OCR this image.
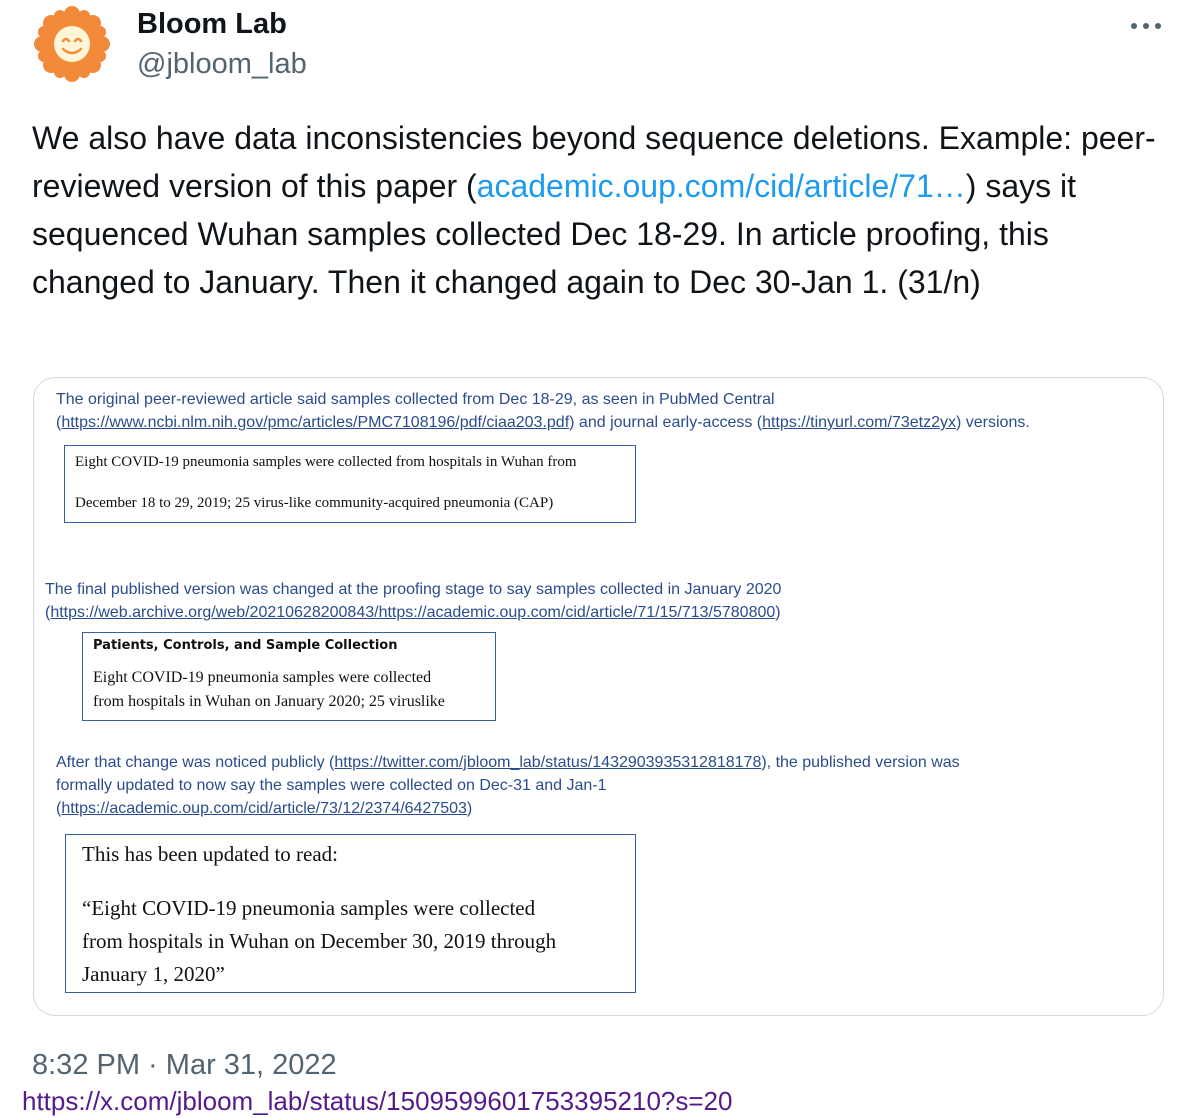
Bloom Lab
@jbloom_lab

We also have data inconsistencies beyond sequence deletions. Example: peer-reviewed version of this paper (academic.oup.com/cid/article/71…) says it sequenced Wuhan samples collected Dec 18-29. In article proofing, this changed to January. Then it changed again to Dec 30-Jan 1. (31/n)

The original peer-reviewed article said samples collected from Dec 18-29, as seen in PubMed Central
(https://www.ncbi.nlm.nih.gov/pmc/articles/PMC7108196/pdf/ciaa203.pdf) and journal early-access (https://tinyurl.com/73etz2yx) versions.
Eight COVID-19 pneumonia samples were collected from hospitals in Wuhan from
December 18 to 29, 2019; 25 virus-like community-acquired pneumonia (CAP)
The final published version was changed at the proofing stage to say samples collected in January 2020
(https://web.archive.org/web/20210628200843/https://academic.oup.com/cid/article/71/15/713/5780800)
Patients, Controls, and Sample Collection
Eight COVID-19 pneumonia samples were collected
from hospitals in Wuhan on January 2020; 25 viruslike
After that change was noticed publicly (https://twitter.com/jbloom_lab/status/1432903935312818178), the published version was
formally updated to now say the samples were collected on Dec-31 and Jan-1
(https://academic.oup.com/cid/article/73/12/2374/6427503)
This has been updated to read:
“Eight COVID-19 pneumonia samples were collected
from hospitals in Wuhan on December 30, 2019 through
January 1, 2020”
8:32 PM · Mar 31, 2022
https://x.com/jbloom_lab/status/1509599601753395210?s=20
